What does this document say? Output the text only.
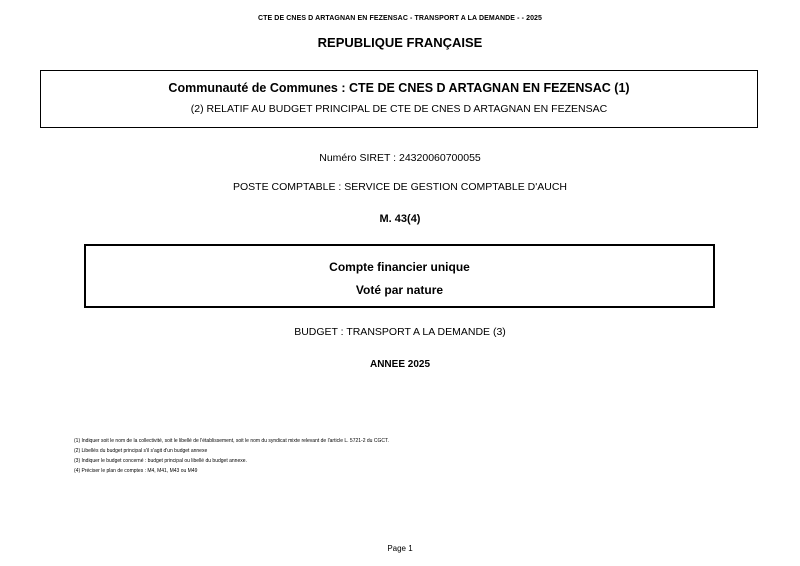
CTE DE CNES D ARTAGNAN EN FEZENSAC - TRANSPORT A LA DEMANDE - - 2025
REPUBLIQUE FRANÇAISE
Communauté de Communes : CTE DE CNES D ARTAGNAN EN FEZENSAC (1)
(2) RELATIF AU BUDGET PRINCIPAL DE CTE DE CNES D ARTAGNAN EN FEZENSAC
Numéro SIRET : 24320060700055
POSTE COMPTABLE : SERVICE DE GESTION COMPTABLE D'AUCH
M. 43(4)
Compte financier unique
Voté par nature
BUDGET : TRANSPORT A LA DEMANDE (3)
ANNEE 2025
(1) Indiquer soit le nom de la collectivité, soit le libellé de l'établissement, soit le nom du syndicat mixte relevant de l'article L. 5721-2 du CGCT.
(2) Libellés du budget principal s'il s'agit d'un budget annexe
(3) Indiquer le budget concerné : budget principal ou libellé du budget annexe.
(4) Préciser le plan de comptes : M4, M41, M43 ou M49
Page 1
